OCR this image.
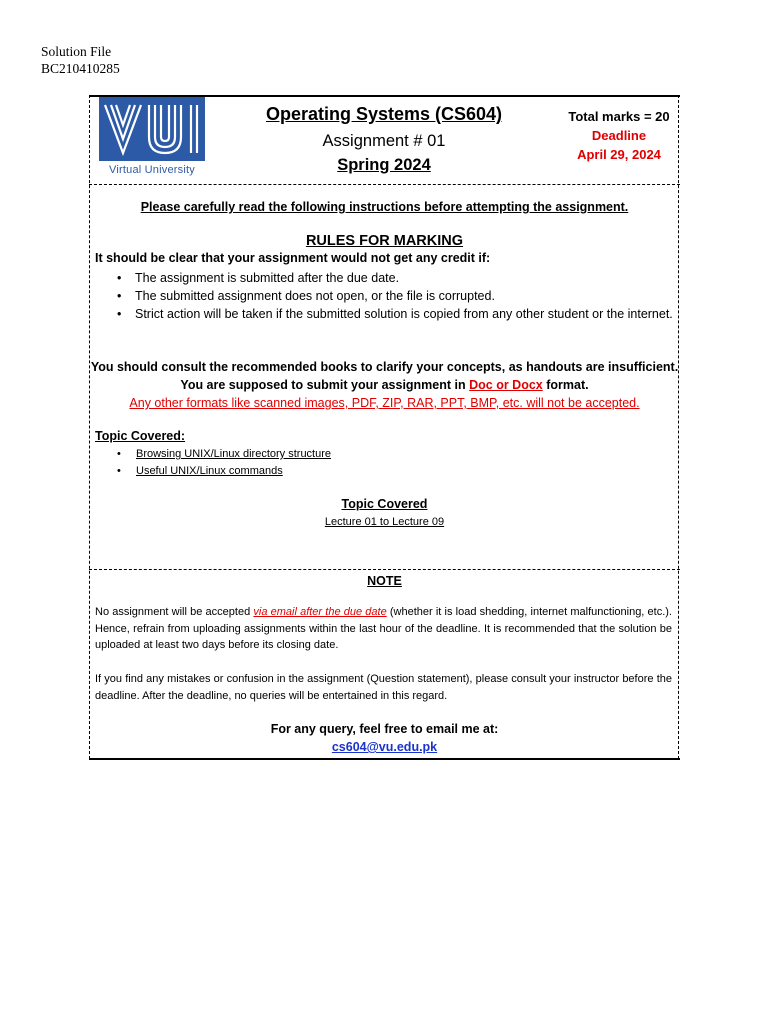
Solution File
BC210410285
Virtual University
Operating Systems (CS604)
Assignment # 01
Spring 2024
Total marks = 20
Deadline
April 29, 2024
Please carefully read the following instructions before attempting the assignment.
RULES FOR MARKING
It should be clear that your assignment would not get any credit if:
• The assignment is submitted after the due date.
• The submitted assignment does not open, or the file is corrupted.
• Strict action will be taken if the submitted solution is copied from any other student or the internet.
You should consult the recommended books to clarify your concepts, as handouts are insufficient.
You are supposed to submit your assignment in Doc or Docx format.
Any other formats like scanned images, PDF, ZIP, RAR, PPT, BMP, etc. will not be accepted.
Topic Covered:
• Browsing UNIX/Linux directory structure
• Useful UNIX/Linux commands
Topic Covered
Lecture 01 to Lecture 09
NOTE
No assignment will be accepted via email after the due date (whether it is load shedding, internet malfunctioning, etc.). Hence, refrain from uploading assignments within the last hour of the deadline. It is recommended that the solution be uploaded at least two days before its closing date.
If you find any mistakes or confusion in the assignment (Question statement), please consult your instructor before the deadline. After the deadline, no queries will be entertained in this regard.
For any query, feel free to email me at:
cs604@vu.edu.pk
